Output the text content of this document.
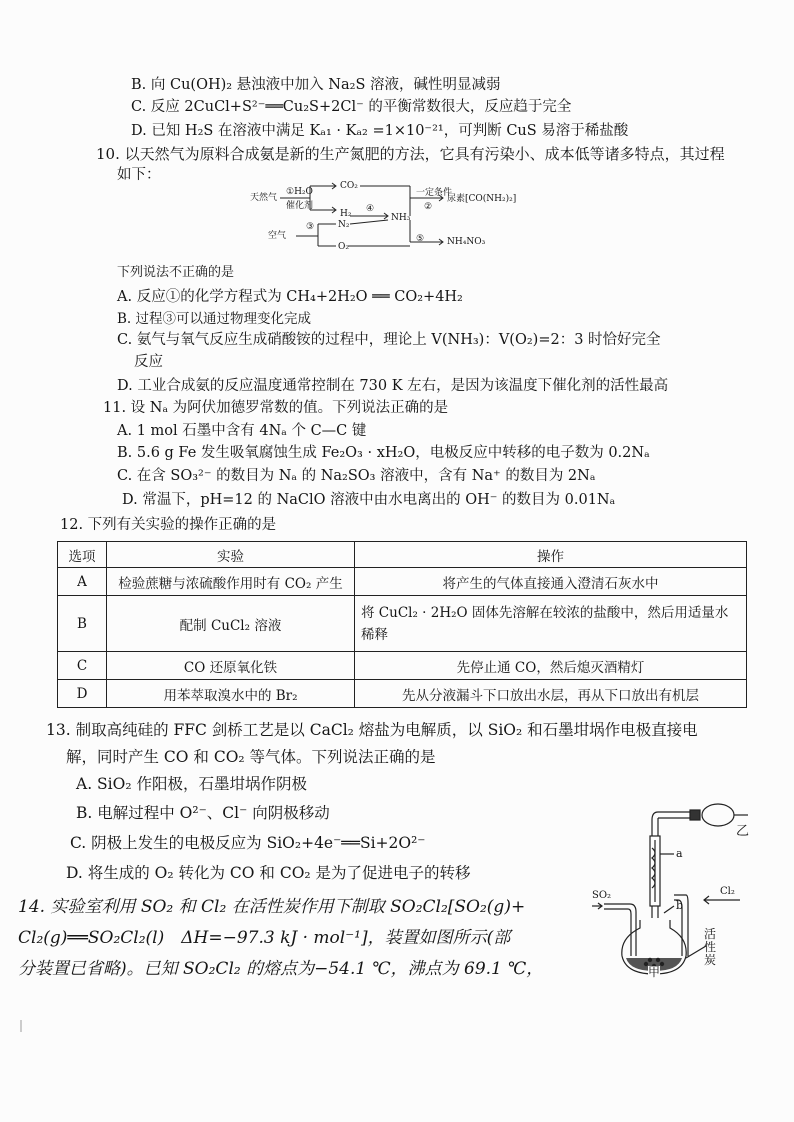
B. 向 Cu(OH)₂ 悬浊液中加入 Na₂S 溶液，碱性明显减弱
C. 反应 2CuCl+S²⁻══Cu₂S+2Cl⁻ 的平衡常数很大，反应趋于完全
D. 已知 H₂S 在溶液中满足 Kₐ₁ · Kₐ₂ =1×10⁻²¹，可判断 CuS 易溶于稀盐酸
10. 以天然气为原料合成氨是新的生产氮肥的方法，它具有污染小、成本低等诸多特点，其过程
如下：
天然气
①H₂O
催化剂
CO₂
H₂ ④
NH₃
一定条件
②
尿素[CO(NH₂)₂]
空气
③	N₂
O₂
⑤	NH₄NO₃
下列说法不正确的是
A. 反应①的化学方程式为 CH₄+2H₂O ══ CO₂+4H₂
B. 过程③可以通过物理变化完成
C. 氨气与氧气反应生成硝酸铵的过程中，理论上 V(NH₃)：V(O₂)=2：3 时恰好完全
反应
D. 工业合成氨的反应温度通常控制在 730 K 左右，是因为该温度下催化剂的活性最高
11. 设 Nₐ 为阿伏加德罗常数的值。下列说法正确的是
A. 1 mol 石墨中含有 4Nₐ 个 C—C 键
B. 5.6 g Fe 发生吸氧腐蚀生成 Fe₂O₃ · xH₂O，电极反应中转移的电子数为 0.2Nₐ
C. 在含 SO₃²⁻ 的数目为 Nₐ 的 Na₂SO₃ 溶液中，含有 Na⁺ 的数目为 2Nₐ
D. 常温下，pH=12 的 NaClO 溶液中由水电离出的 OH⁻ 的数目为 0.01Nₐ
12. 下列有关实验的操作正确的是
选项	实验	操作
A	检验蔗糖与浓硫酸作用时有 CO₂ 产生	将产生的气体直接通入澄清石灰水中
B	配制 CuCl₂ 溶液	将 CuCl₂ · 2H₂O 固体先溶解在较浓的盐酸中，然后用适量水稀释
C	CO 还原氧化铁	先停止通 CO，然后熄灭酒精灯
D	用苯萃取溴水中的 Br₂	先从分液漏斗下口放出水层，再从下口放出有机层
13. 制取高纯硅的 FFC 剑桥工艺是以 CaCl₂ 熔盐为电解质，以 SiO₂ 和石墨坩埚作电极直接电
解，同时产生 CO 和 CO₂ 等气体。下列说法正确的是
A. SiO₂ 作阳极，石墨坩埚作阴极
B. 电解过程中 O²⁻、Cl⁻ 向阴极移动
C. 阴极上发生的电极反应为 SiO₂+4e⁻══Si+2O²⁻
D. 将生成的 O₂ 转化为 CO 和 CO₂ 是为了促进电子的转移
14. 实验室利用 SO₂ 和 Cl₂ 在活性炭作用下制取 SO₂Cl₂[SO₂(g)+
Cl₂(g)══SO₂Cl₂(l)　ΔH=−97.3 kJ · mol⁻¹]，装置如图所示(部
分装置已省略)。已知 SO₂Cl₂ 的熔点为−54.1 ℃，沸点为 69.1 ℃，
乙
a
b
SO₂	Cl₂
活性炭
甲
